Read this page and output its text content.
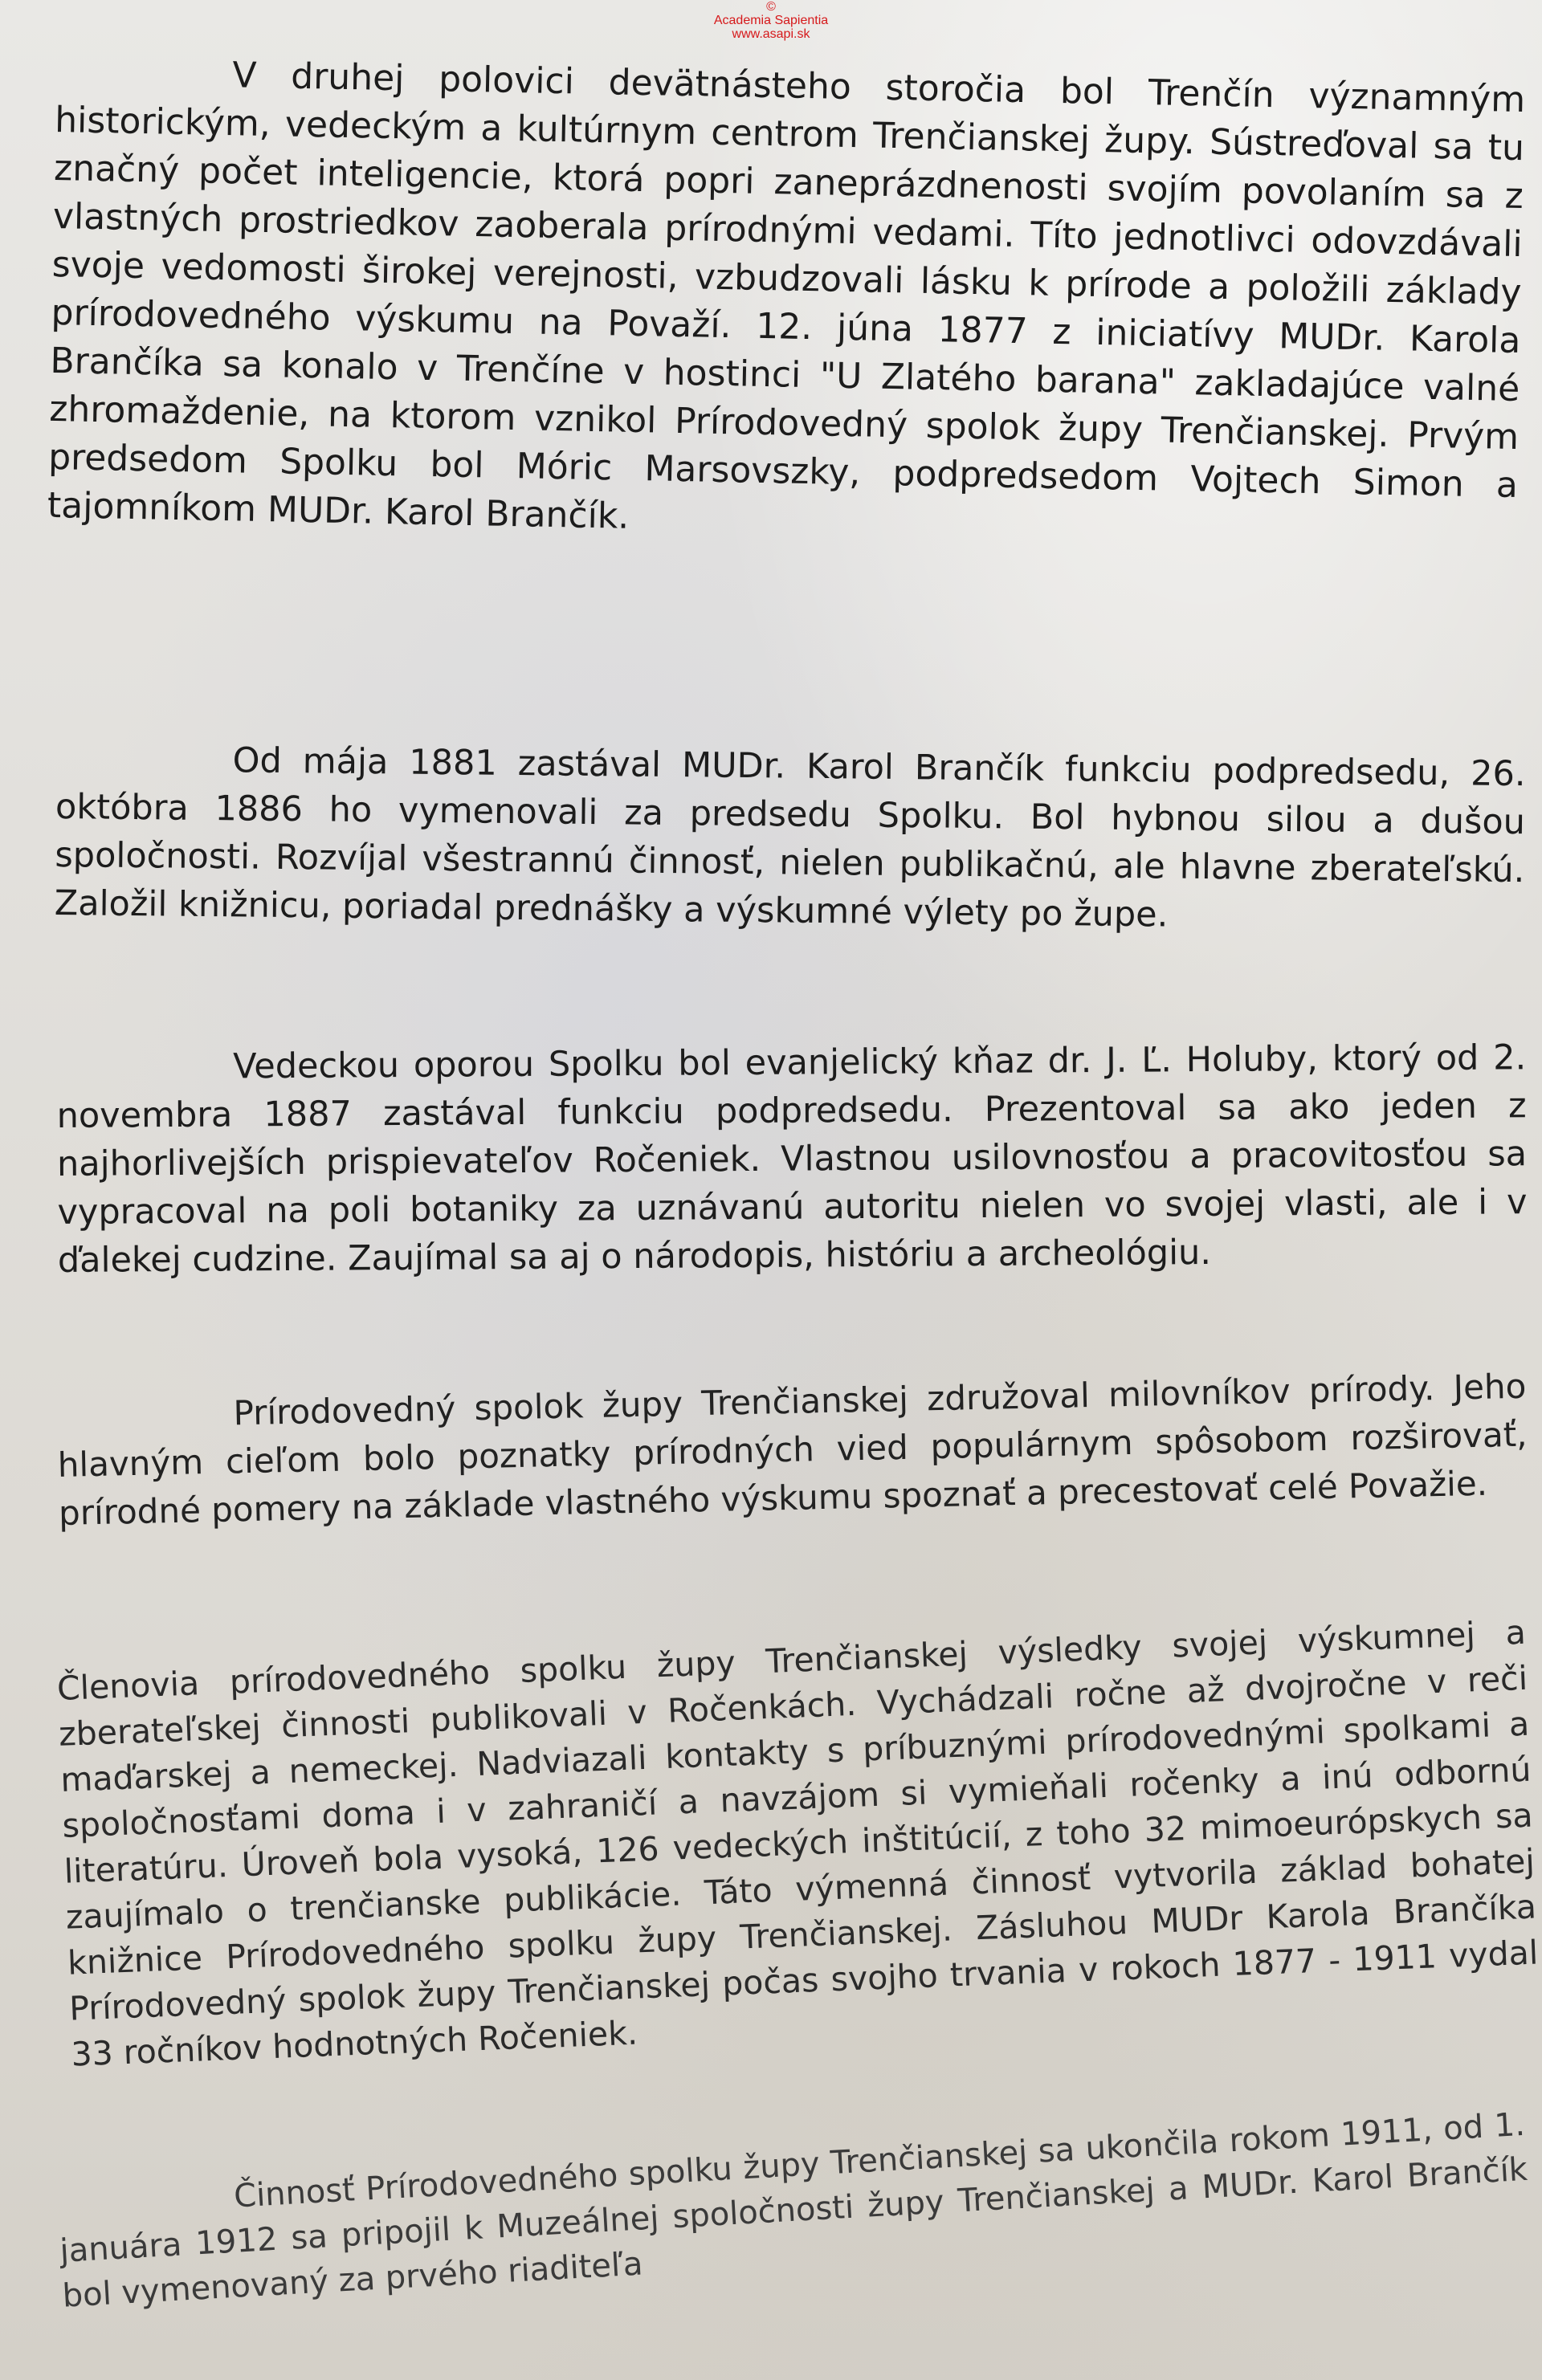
©
Academia Sapientia
www.asapi.sk

V druhej polovici devätnásteho storočia bol Trenčín významným historickým, vedeckým a kultúrnym centrom Trenčianskej župy. Sústreďoval sa tu značný počet inteligencie, ktorá popri zaneprázdnenosti svojím povolaním sa z vlastných prostriedkov zaoberala prírodnými vedami. Títo jednotlivci odovzdávali svoje vedomosti širokej verejnosti, vzbudzovali lásku k prírode a položili základy prírodovedného výskumu na Považí. 12. júna 1877 z iniciatívy MUDr. Karola Brančíka sa konalo v Trenčíne v hostinci "U Zlatého barana" zakladajúce valné zhromaždenie, na ktorom vznikol Prírodovedný spolok župy Trenčianskej. Prvým predsedom Spolku bol Móric Marsovszky, podpredsedom Vojtech Simon a tajomníkom MUDr. Karol Brančík.

Od mája 1881 zastával MUDr. Karol Brančík funkciu podpredsedu, 26. októbra 1886 ho vymenovali za predsedu Spolku. Bol hybnou silou a dušou spoločnosti. Rozvíjal všestrannú činnosť, nielen publikačnú, ale hlavne zberateľskú. Založil knižnicu, poriadal prednášky a výskumné výlety po župe.

Vedeckou oporou Spolku bol evanjelický kňaz dr. J. Ľ. Holuby, ktorý od 2. novembra 1887 zastával funkciu podpredsedu. Prezentoval sa ako jeden z najhorlivejších prispievateľov Ročeniek. Vlastnou usilovnosťou a pracovitosťou sa vypracoval na poli botaniky za uznávanú autoritu nielen vo svojej vlasti, ale i v ďalekej cudzine. Zaujímal sa aj o národopis, históriu a archeológiu.

Prírodovedný spolok župy Trenčianskej združoval milovníkov prírody. Jeho hlavným cieľom bolo poznatky prírodných vied populárnym spôsobom rozširovať, prírodné pomery na základe vlastného výskumu spoznať a precestovať celé Považie.

Členovia prírodovedného spolku župy Trenčianskej výsledky svojej výskumnej a zberateľskej činnosti publikovali v Ročenkách. Vychádzali ročne až dvojročne v reči maďarskej a nemeckej. Nadviazali kontakty s príbuznými prírodovednými spolkami a spoločnosťami doma i v zahraničí a navzájom si vymieňali ročenky a inú odbornú literatúru. Úroveň bola vysoká, 126 vedeckých inštitúcií, z toho 32 mimoeurópskych sa zaujímalo o trenčianske publikácie. Táto výmenná činnosť vytvorila základ bohatej knižnice Prírodovedného spolku župy Trenčianskej. Zásluhou MUDr Karola Brančíka Prírodovedný spolok župy Trenčianskej počas svojho trvania v rokoch 1877 - 1911 vydal 33 ročníkov hodnotných Ročeniek.

Činnosť Prírodovedného spolku župy Trenčianskej sa ukončila rokom 1911, od 1. januára 1912 sa pripojil k Muzeálnej spoločnosti župy Trenčianskej a MUDr. Karol Brančík bol vymenovaný za prvého riaditeľa
